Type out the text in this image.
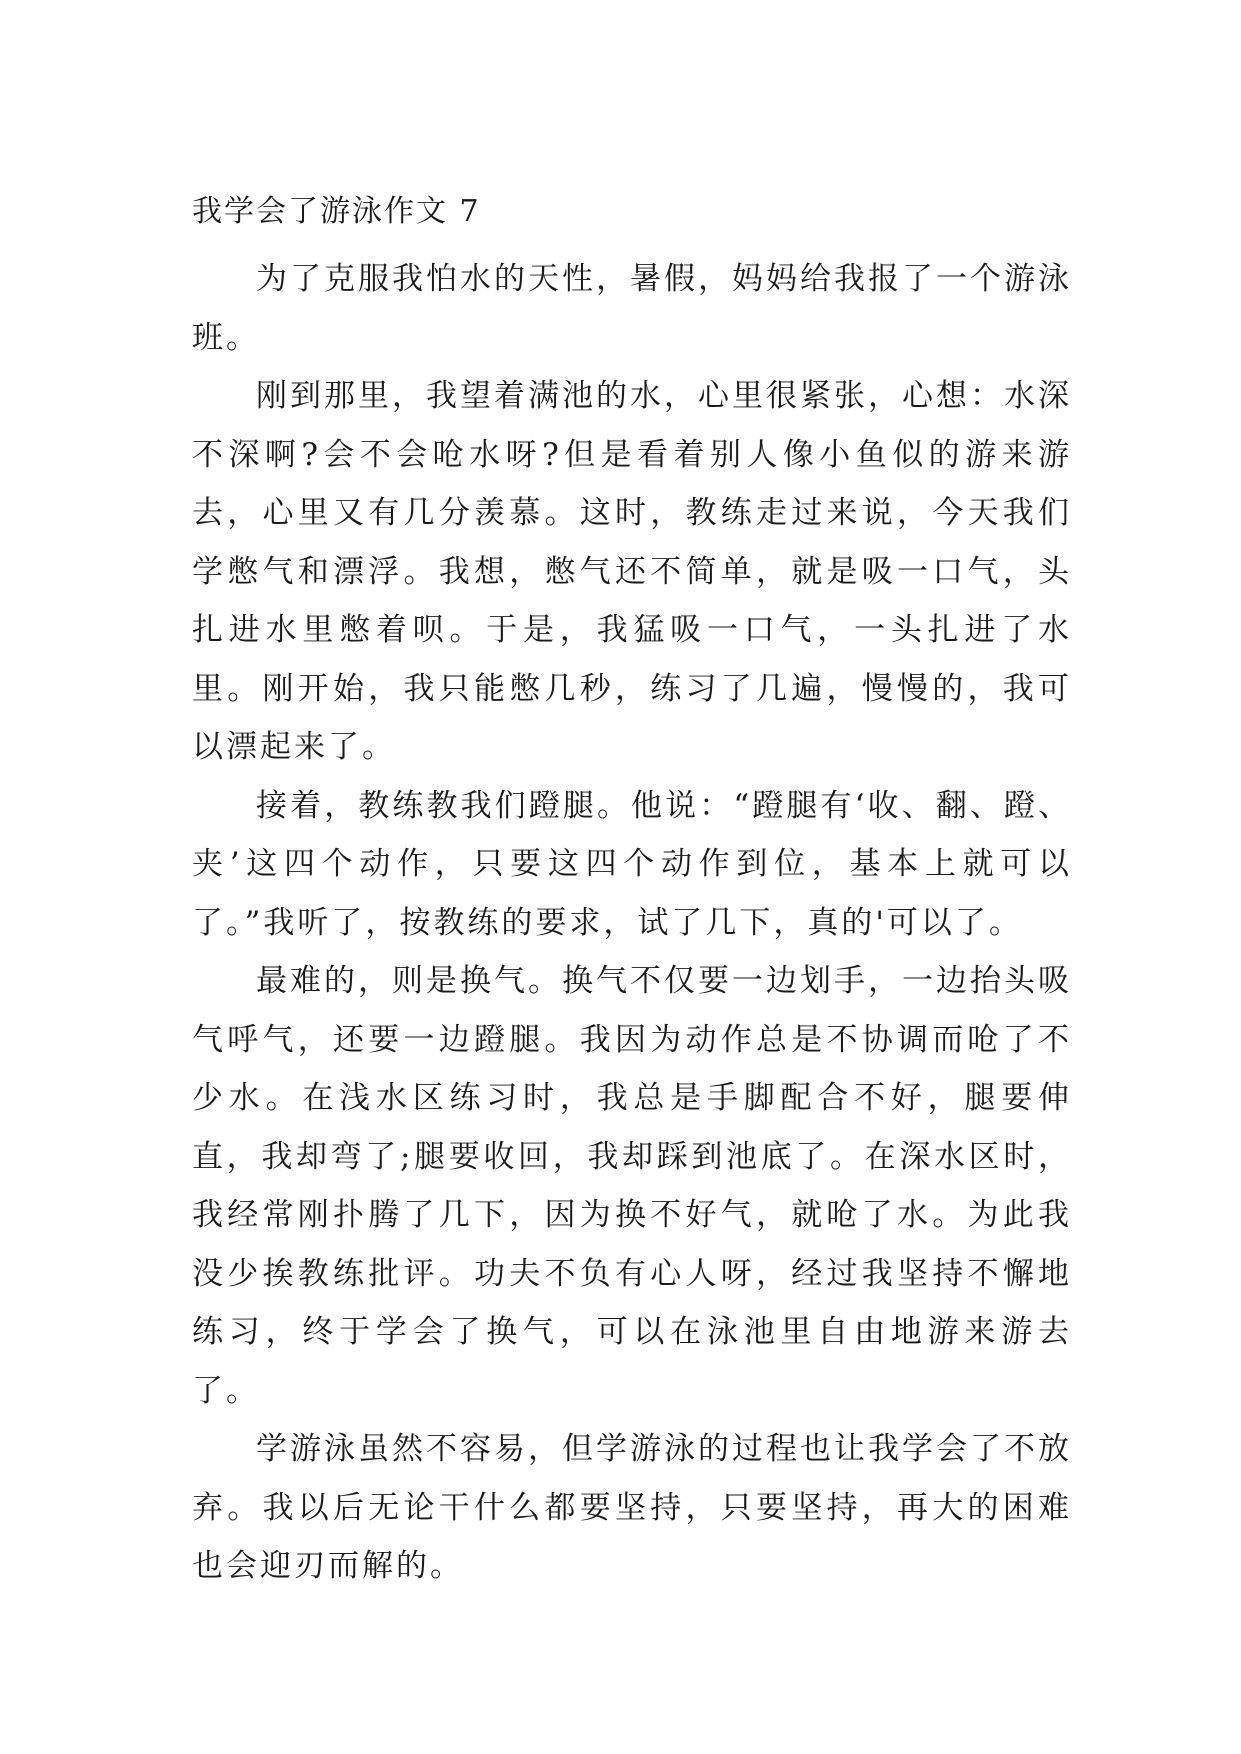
我学会了游泳作文 7

为了克服我怕水的天性，暑假，妈妈给我报了一个游泳班。

刚到那里，我望着满池的水，心里很紧张，心想：水深不深啊?会不会呛水呀?但是看着别人像小鱼似的游来游去，心里又有几分羡慕。这时，教练走过来说，今天我们学憋气和漂浮。我想，憋气还不简单，就是吸一口气，头扎进水里憋着呗。于是，我猛吸一口气，一头扎进了水里。刚开始，我只能憋几秒，练习了几遍，慢慢的，我可以漂起来了。

接着，教练教我们蹬腿。他说：“蹬腿有‘收、翻、蹬、夹’这四个动作，只要这四个动作到位，基本上就可以了。”我听了，按教练的要求，试了几下，真的'可以了。

最难的，则是换气。换气不仅要一边划手，一边抬头吸气呼气，还要一边蹬腿。我因为动作总是不协调而呛了不少水。在浅水区练习时，我总是手脚配合不好，腿要伸直，我却弯了;腿要收回，我却踩到池底了。在深水区时，我经常刚扑腾了几下，因为换不好气，就呛了水。为此我没少挨教练批评。功夫不负有心人呀，经过我坚持不懈地练习，终于学会了换气，可以在泳池里自由地游来游去了。

学游泳虽然不容易，但学游泳的过程也让我学会了不放弃。我以后无论干什么都要坚持，只要坚持，再大的困难也会迎刃而解的。
